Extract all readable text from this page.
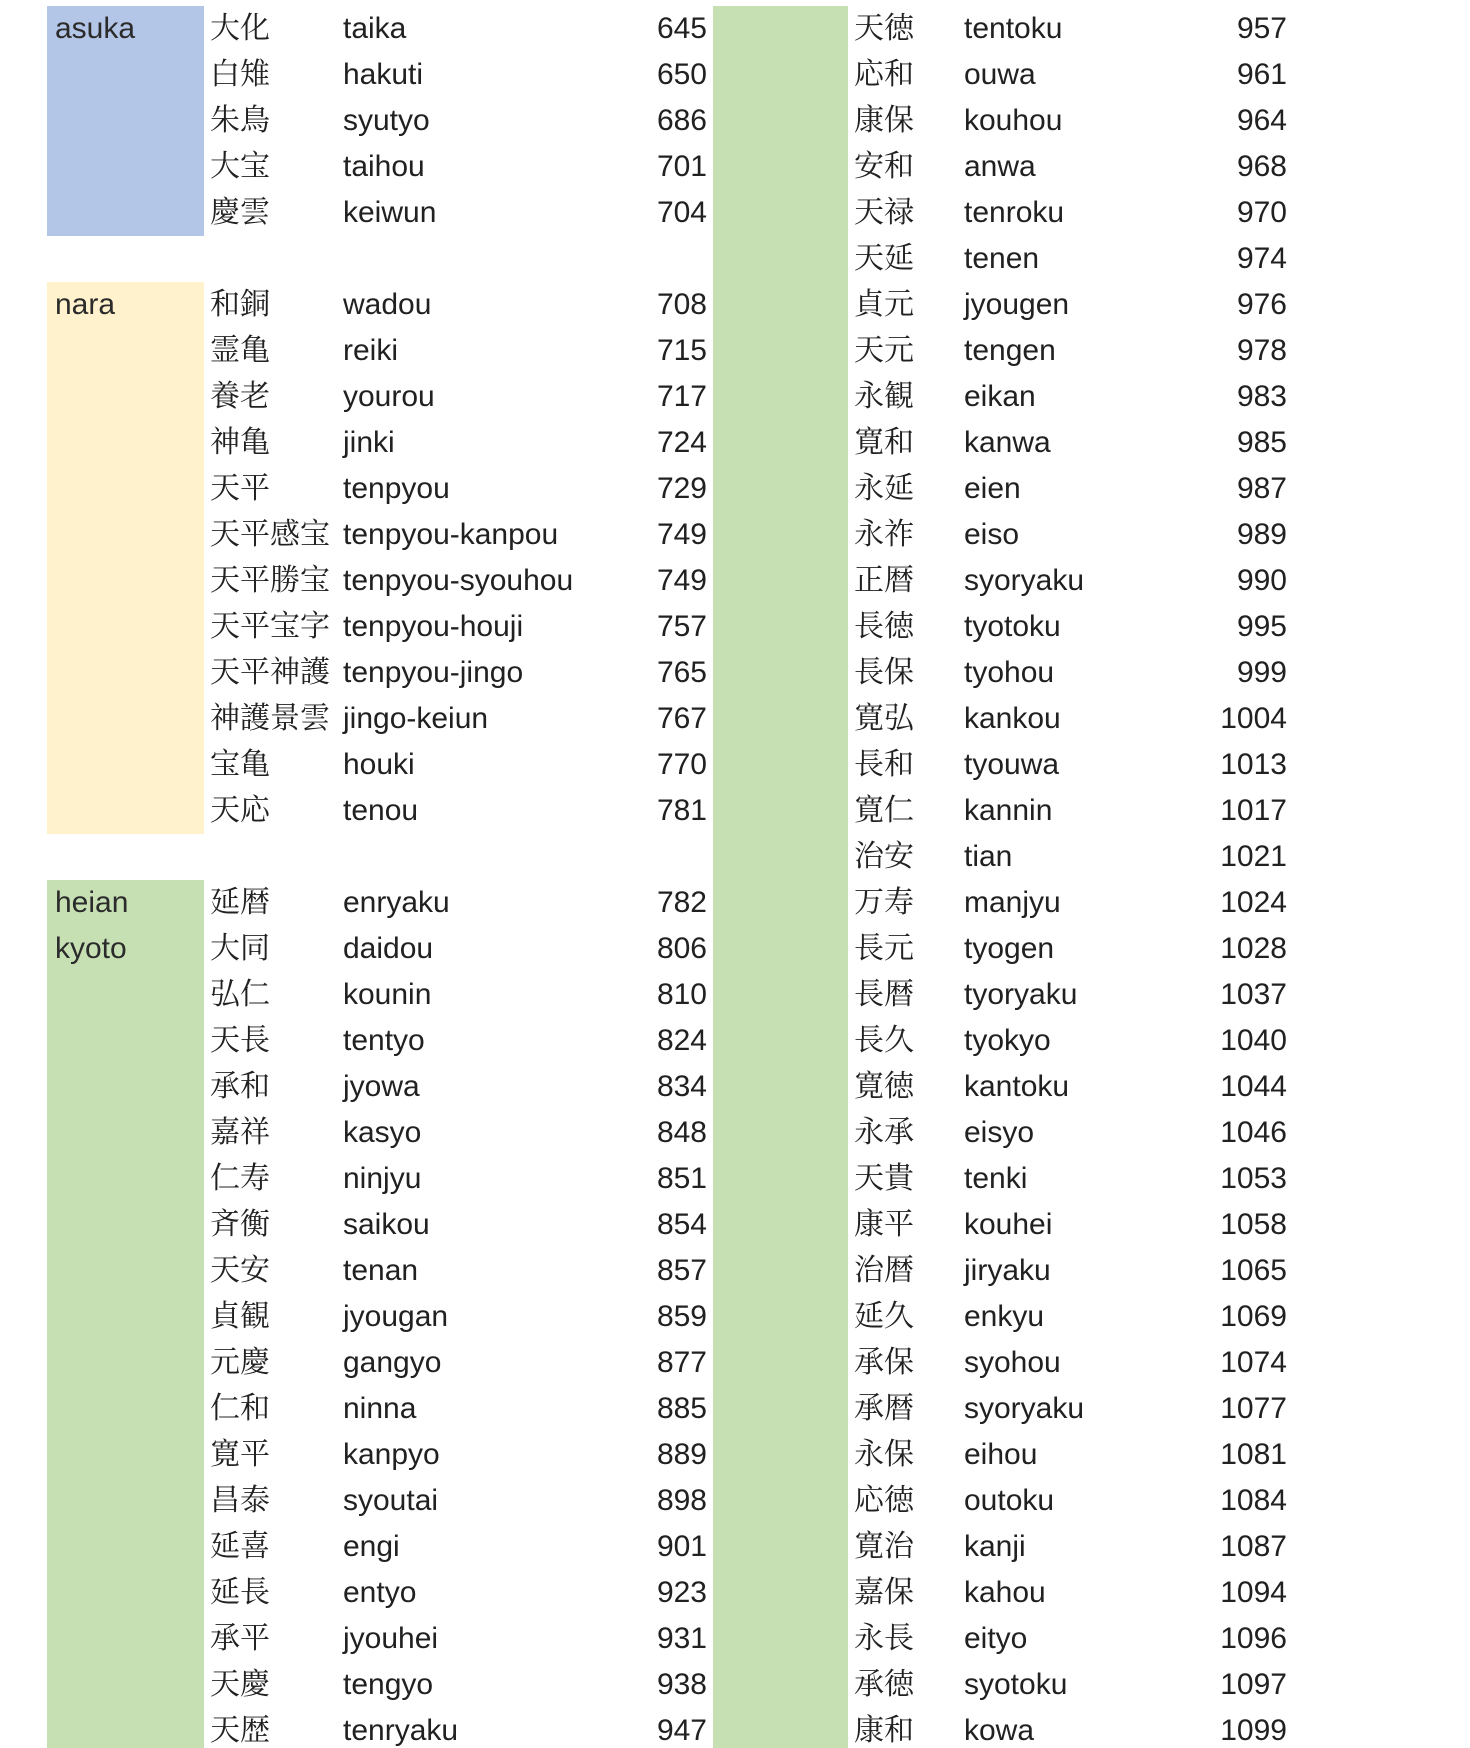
asuka 大化	taika	645
白雉	hakuti	650
朱鳥	syutyo	686
大宝	taihou	701
慶雲	keiwun	704
nara	和銅	wadou	708
霊亀	reiki	715
養老	yourou	717
神亀	jinki	724
天平	tenpyou	729
天平感宝 tenpyou-kanpou	749
天平勝宝 tenpyou-syouhou	749
天平宝字 tenpyou-houji	757
天平神護 tenpyou-jingo	765
神護景雲 jingo-keiun	767
宝亀	houki	770
天応	tenou	781
heian
kyoto
延暦	enryaku	782
大同	daidou	806
弘仁	kounin	810
天長	tentyo	824
承和	jyowa	834
嘉祥	kasyo	848
仁寿	ninjyu	851
斉衡	saikou	854
天安	tenan	857
貞観	jyougan	859
元慶	gangyo	877
仁和	ninna	885
寛平	kanpyo	889
昌泰	syoutai	898
延喜	engi	901
延長	entyo	923
承平	jyouhei	931
天慶	tengyo	938
天歴	tenryaku	947
天徳	tentoku	957
応和	ouwa	961
康保	kouhou	964
安和	anwa	968
天禄	tenroku	970
天延	tenen	974
貞元	jyougen	976
天元	tengen	978
永観	eikan	983
寛和	kanwa	985
永延	eien	987
永祚	eiso	989
正暦	syoryaku	990
長徳	tyotoku	995
長保	tyohou	999
寛弘	kankou	1004
長和	tyouwa	1013
寛仁	kannin	1017
治安	tian	1021
万寿	manjyu	1024
長元	tyogen	1028
長暦	tyoryaku	1037
長久	tyokyo	1040
寛徳	kantoku	1044
永承	eisyo	1046
天貴	tenki	1053
康平	kouhei	1058
治暦	jiryaku	1065
延久	enkyu	1069
承保	syohou	1074
承暦	syoryaku	1077
永保	eihou	1081
応徳	outoku	1084
寛治	kanji	1087
嘉保	kahou	1094
永長	eityo	1096
承徳	syotoku	1097
康和	kowa	1099
